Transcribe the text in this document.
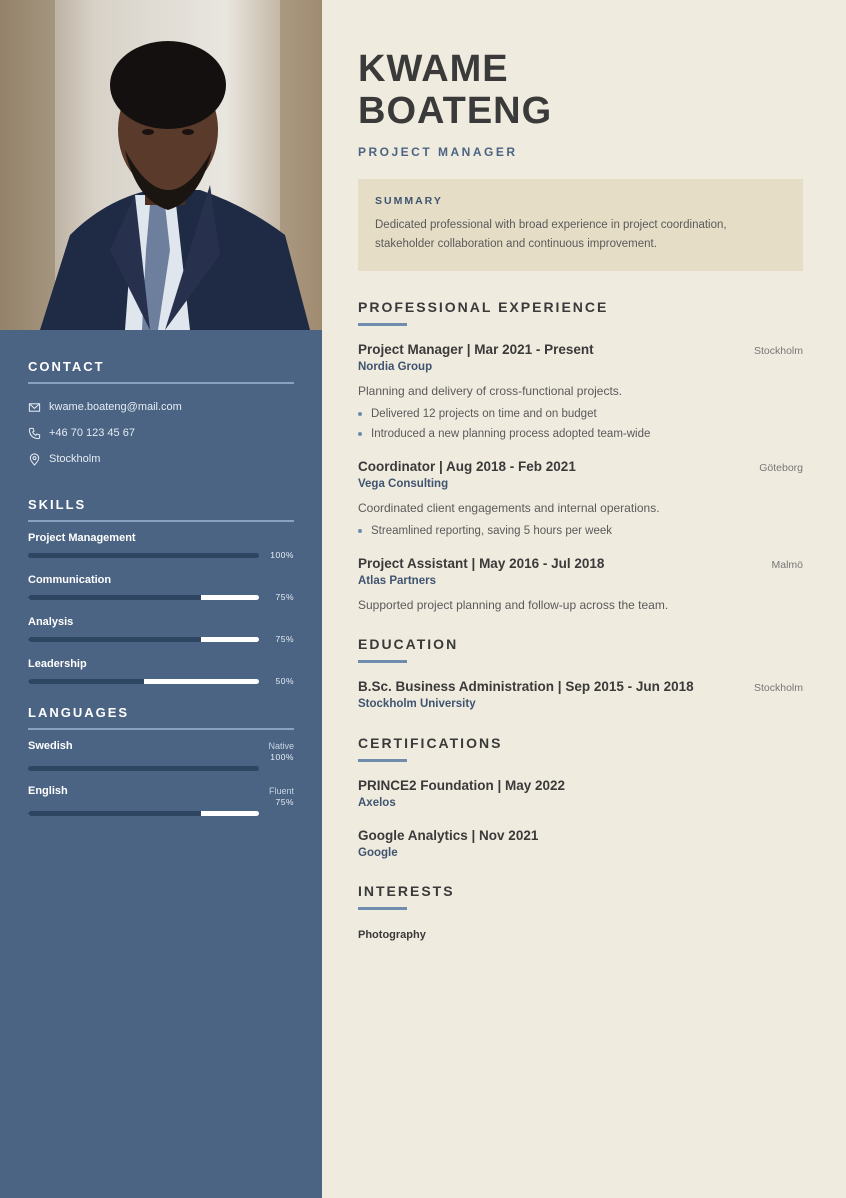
CONTACT
kwame.boateng@mail.com
+46 70 123 45 67
Stockholm
SKILLS
Project Management
100%
Communication
75%
Analysis
75%
Leadership
50%
LANGUAGES
Swedish	Native
100%
English	Fluent
75%
KWAME
BOATENG
PROJECT MANAGER
SUMMARY
Dedicated professional with broad experience in project coordination, stakeholder collaboration and continuous improvement.
PROFESSIONAL EXPERIENCE
Project Manager | Mar 2021 - Present	Stockholm
Nordia Group
Planning and delivery of cross-functional projects.
Delivered 12 projects on time and on budget
Introduced a new planning process adopted team-wide
Coordinator | Aug 2018 - Feb 2021	Göteborg
Vega Consulting
Coordinated client engagements and internal operations.
Streamlined reporting, saving 5 hours per week
Project Assistant | May 2016 - Jul 2018	Malmö
Atlas Partners
Supported project planning and follow-up across the team.
EDUCATION
B.Sc. Business Administration | Sep 2015 - Jun 2018	Stockholm
Stockholm University
CERTIFICATIONS
PRINCE2 Foundation | May 2022
Axelos
Google Analytics | Nov 2021
Google
INTERESTS
Photography
